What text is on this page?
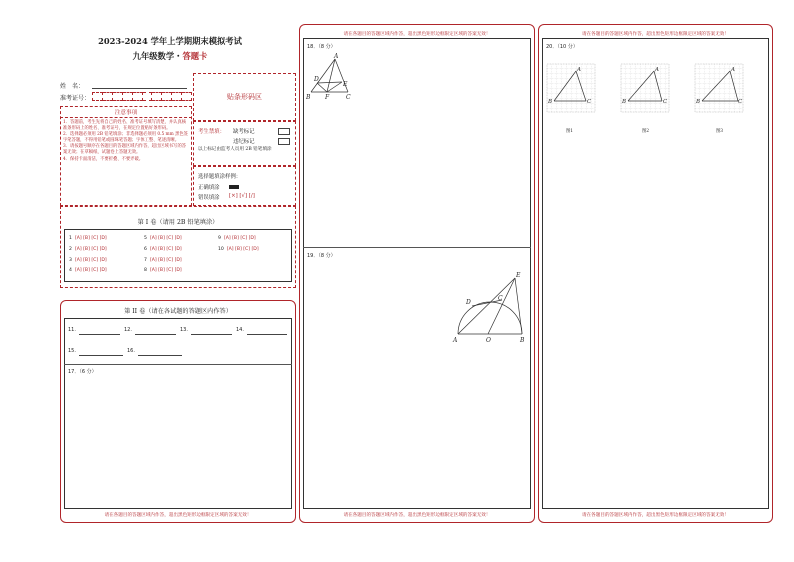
2023-2024 学年上学期期末模拟考试
九年级数学・答题卡
姓　名：
准考证号：	贴条形码区
注意事项
1．答题前，考生先将自己的姓名、准考证号填写清楚，并认真核准条形码上的姓名、准考证号，在规定位置贴好条形码。
2．选择题必须用 2B 铅笔填涂；非选择题必须用 0.5 mm 黑色签字笔答题，不得用铅笔或圆珠笔答题；字体工整、笔迹清晰。
3．请按题号顺序在各题目的答题区域内作答，超出区域书写的答案无效；在草稿纸、试题卷上答题无效。
4．保持卡面清洁，不要折叠、不要弄破。
考生禁填： 缺考标记
违纪标记
以上标记由监考人员用 2B 铅笔填涂
选择题填涂样例：
正确填涂
错误填涂 [×] [√] [/]
第 I 卷（请用 2B 铅笔填涂）
1 [A] [B] [C] [D]
2 [A] [B] [C] [D]
3 [A] [B] [C] [D]
4 [A] [B] [C] [D]
5 [A] [B] [C] [D]
6 [A] [B] [C] [D]
7 [A] [B] [C] [D]
8 [A] [B] [C] [D]
9 [A] [B] [C] [D]
10 [A] [B] [C] [D]
第 II 卷（请在各试题的答题区内作答）
11.	12.	13.	14.
15.	16.
17．（6 分）
请在各题目的答题区域内作答，超出黑色矩形边框限定区域的答案无效！
请在各题目的答题区域内作答，超出黑色矩形边框限定区域的答案无效！
18．（8 分）
19．（8 分）
A
B	C
D
E
F
A	O	B
C
D
E
请在各题目的答题区域内作答，超出黑色矩形边框限定区域的答案无效！
请在各题目的答题区域内作答，超出黑色矩形边框限定区域的答案无效！
20．（10 分）
A
B	C
A
B	C
A
B	C
图1	图2	图3
请在各题目的答题区域内作答，超出黑色矩形边框限定区域的答案无效！
